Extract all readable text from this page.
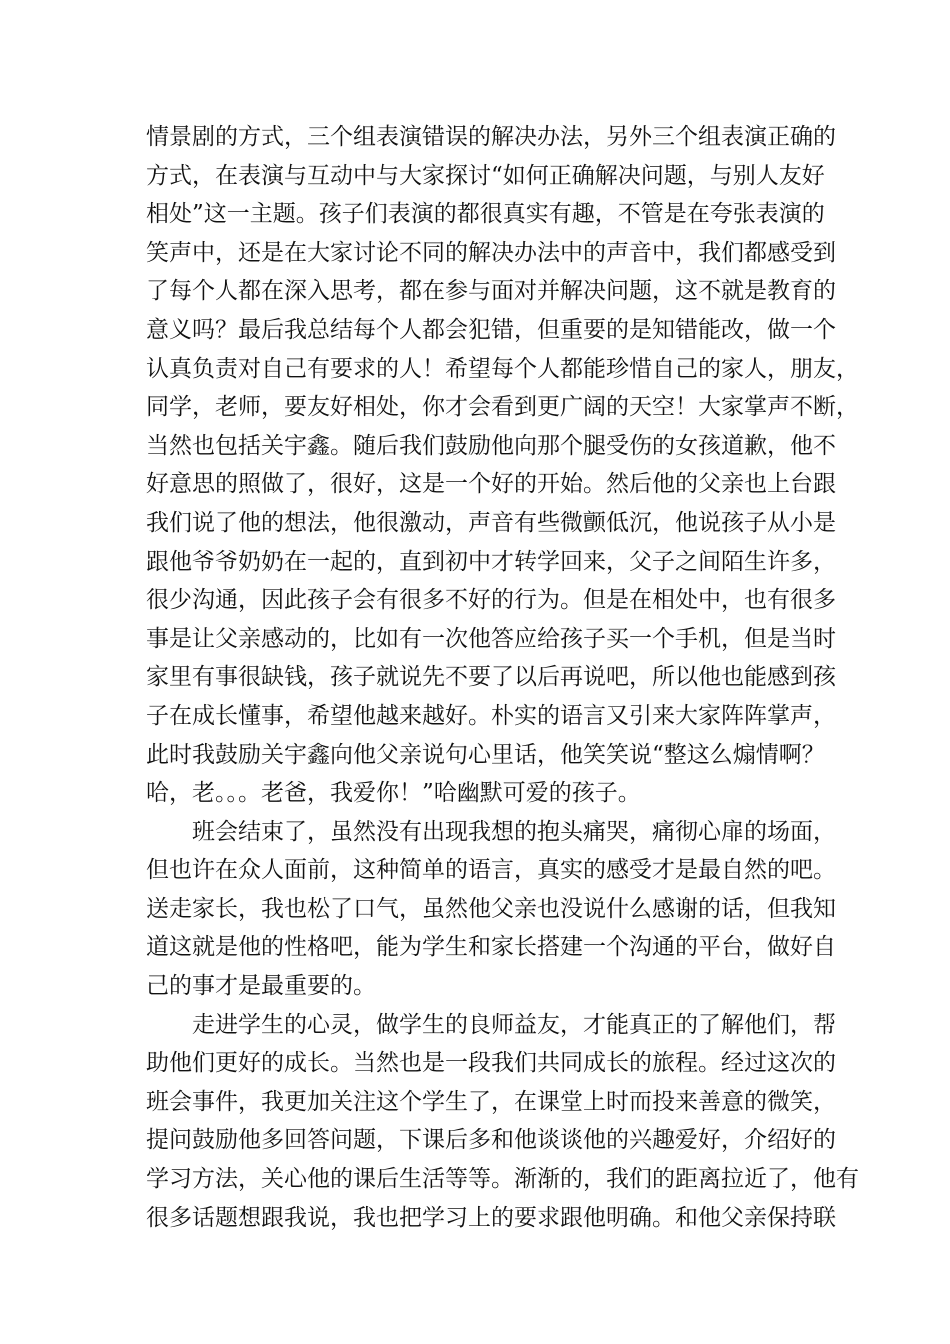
情景剧的方式，三个组表演错误的解决办法，另外三个组表演正确的
方式，在表演与互动中与大家探讨“如何正确解决问题，与别人友好
相处”这一主题。孩子们表演的都很真实有趣，不管是在夸张表演的
笑声中，还是在大家讨论不同的解决办法中的声音中，我们都感受到
了每个人都在深入思考，都在参与面对并解决问题，这不就是教育的
意义吗？最后我总结每个人都会犯错，但重要的是知错能改，做一个
认真负责对自己有要求的人！希望每个人都能珍惜自己的家人，朋友，
同学，老师，要友好相处，你才会看到更广阔的天空！大家掌声不断，
当然也包括关宇鑫。随后我们鼓励他向那个腿受伤的女孩道歉，他不
好意思的照做了，很好，这是一个好的开始。然后他的父亲也上台跟
我们说了他的想法，他很激动，声音有些微颤低沉，他说孩子从小是
跟他爷爷奶奶在一起的，直到初中才转学回来，父子之间陌生许多，
很少沟通，因此孩子会有很多不好的行为。但是在相处中，也有很多
事是让父亲感动的，比如有一次他答应给孩子买一个手机，但是当时
家里有事很缺钱，孩子就说先不要了以后再说吧，所以他也能感到孩
子在成长懂事，希望他越来越好。朴实的语言又引来大家阵阵掌声，
此时我鼓励关宇鑫向他父亲说句心里话，他笑笑说“整这么煽情啊？
哈，老。。。老爸，我爱你！”哈幽默可爱的孩子。
班会结束了，虽然没有出现我想的抱头痛哭，痛彻心扉的场面，
但也许在众人面前，这种简单的语言，真实的感受才是最自然的吧。
送走家长，我也松了口气，虽然他父亲也没说什么感谢的话，但我知
道这就是他的性格吧，能为学生和家长搭建一个沟通的平台，做好自
己的事才是最重要的。
走进学生的心灵，做学生的良师益友，才能真正的了解他们，帮
助他们更好的成长。当然也是一段我们共同成长的旅程。经过这次的
班会事件，我更加关注这个学生了，在课堂上时而投来善意的微笑，
提问鼓励他多回答问题，下课后多和他谈谈他的兴趣爱好，介绍好的
学习方法，关心他的课后生活等等。渐渐的，我们的距离拉近了，他有
很多话题想跟我说，我也把学习上的要求跟他明确。和他父亲保持联
